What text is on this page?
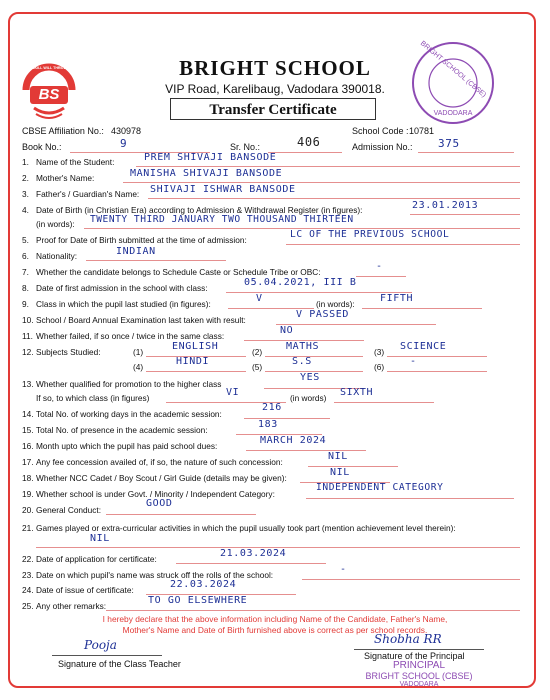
BS
SKILL WILL THRILL	BRIGHT SCHOOL
VIP Road, Karelibaug, Vadodara 390018.
Transfer Certificate
BRIGHT SCHOOL (CBSE)
VADODARA
CBSE Affiliation No.: 430978	School Code : 10781
Book No.:	9	Sr. No.:	406	Admission No.: 375
1. Name of the Student:	PREM SHIVAJI BANSODE
2. Mother's Name:	MANISHA SHIVAJI BANSODE
3. Father's / Guardian's Name: SHIVAJI ISHWAR BANSODE
4. Date of Birth (in Christian Era) according to Admission & Withdrawal Register (in figures):	23.01.2013
(in words): TWENTY THIRD JANUARY TWO THOUSAND THIRTEEN
5. Proof for Date of Birth submitted at the time of admission:	LC OF THE PREVIOUS SCHOOL
6. Nationality:	INDIAN
7. Whether the candidate belongs to Schedule Caste or Schedule Tribe or OBC:	-
8. Date of first admission in the school with class:	05.04.2021, III B
9. Class in which the pupil last studied (in figures):	V	(in words):	FIFTH
10. School / Board Annual Examination last taken with result:	V PASSED
11. Whether failed, if so once / twice in the same class:	NO
12. Subjects Studied:	(1)	ENGLISH	(2) MATHS	(3) SCIENCE
(4)	HINDI	(5)	S.S	(6)	-
13. Whether qualified for promotion to the higher class
YES
If so, to which class (in figures)	VI	(in words) SIXTH
14. Total No. of working days in the academic session:
216
15. Total No. of presence in the academic session:	183
16. Month upto which the pupil has paid school dues:	MARCH 2024
17. Any fee concession availed of, if so, the nature of such concession:	NIL
18. Whether NCC Cadet / Boy Scout / Girl Guide (details may be given):	NIL
19. Whether school is under Govt. / Minority / Independent Category:
INDEPENDENT CATEGORY
20. General Conduct:
GOOD
21. Games played or extra-curricular activities in which the pupil usually took part (mention achievement level therein):
NIL
22. Date of application for certificate:	21.03.2024
23. Date on which pupil's name was struck off the rolls of the school:	-
24. Date of issue of certificate:	22.03.2024
25. Any other remarks:	TO GO ELSEWHERE
I hereby declare that the above information including Name of the Candidate, Father's Name,
Mother's Name and Date of Birth furnished above is correct as per school records.
Pooja
Signature of the Class Teacher
Shobha RR
Signature of the Principal
PRINCIPAL
BRIGHT SCHOOL (CBSE)
VADODARA
